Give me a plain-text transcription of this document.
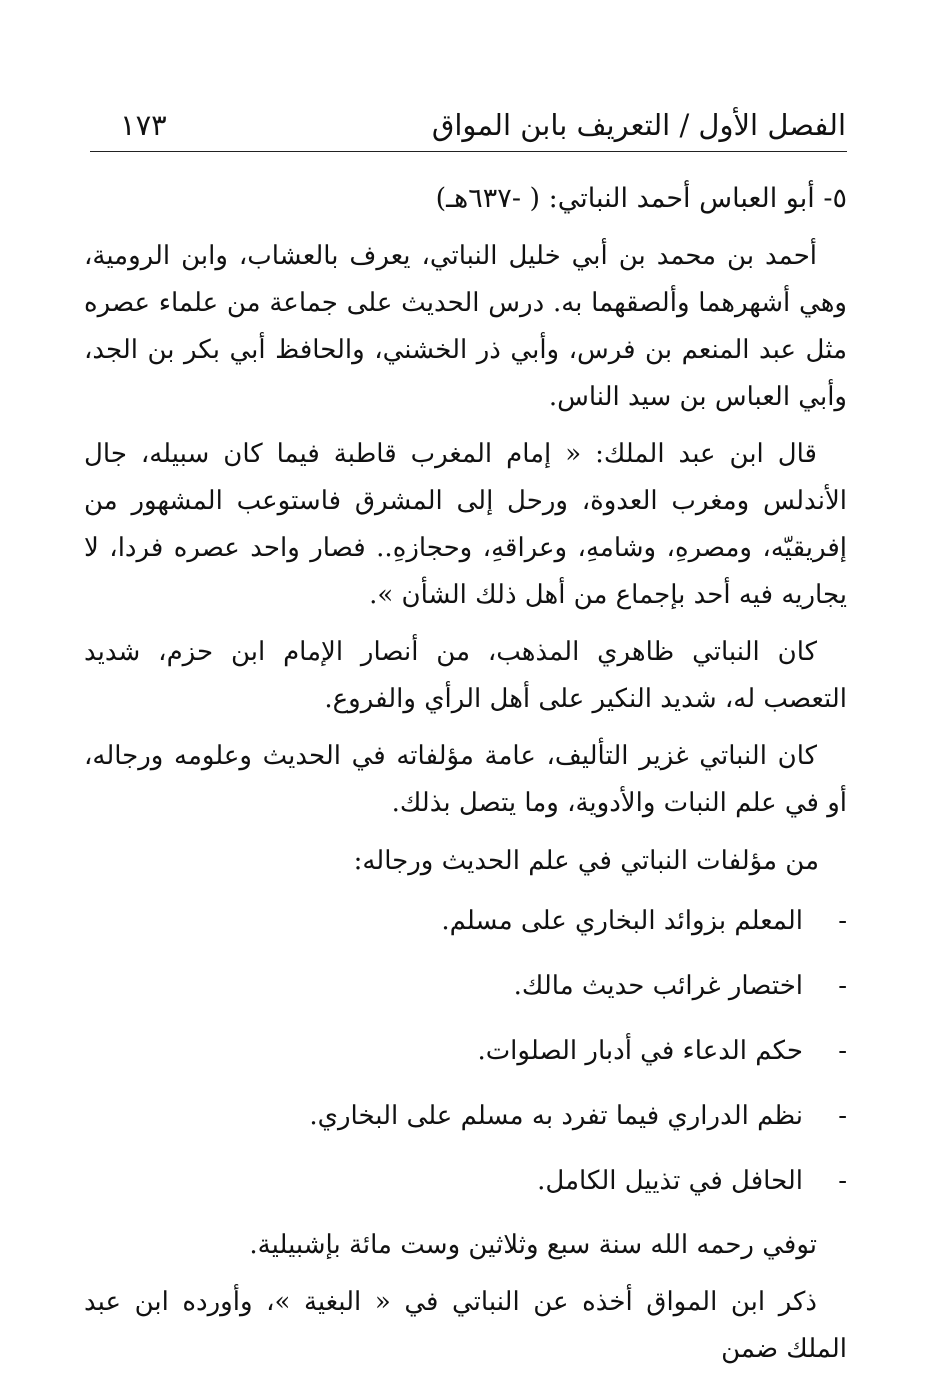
الفصل الأول / التعريف بابن المواق
١٧٣
٥- أبو العباس أحمد النباتي: ( -٦٣٧هـ)

أحمد بن محمد بن أبي خليل النباتي، يعرف بالعشاب، وابن الرومية، وهي أشهرهما وألصقهما به. درس الحديث على جماعة من علماء عصره مثل عبد المنعم بن فرس، وأبي ذر الخشني، والحافظ أبي بكر بن الجد، وأبي العباس بن سيد الناس.

قال ابن عبد الملك: « إمام المغرب قاطبة فيما كان سبيله، جال الأندلس ومغرب العدوة، ورحل إلى المشرق فاستوعب المشهور من إفريقيّه، ومصرهِ، وشامهِ، وعراقهِ، وحجازهِ.. فصار واحد عصره فردا، لا يجاريه فيه أحد بإجماع من أهل ذلك الشأن ».

كان النباتي ظاهري المذهب، من أنصار الإمام ابن حزم، شديد التعصب له، شديد النكير على أهل الرأي والفروع.

كان النباتي غزير التأليف، عامة مؤلفاته في الحديث وعلومه ورجاله، أو في علم النبات والأدوية، وما يتصل بذلك.

من مؤلفات النباتي في علم الحديث ورجاله:
-المعلم بزوائد البخاري على مسلم.
-اختصار غرائب حديث مالك.
-حكم الدعاء في أدبار الصلوات.
-نظم الدراري فيما تفرد به مسلم على البخاري.
-الحافل في تذييل الكامل.

توفي رحمه الله سنة سبع وثلاثين وست مائة بإشبيلية.

ذكر ابن المواق أخذه عن النباتي في « البغية »، وأورده ابن عبد الملك ضمن
